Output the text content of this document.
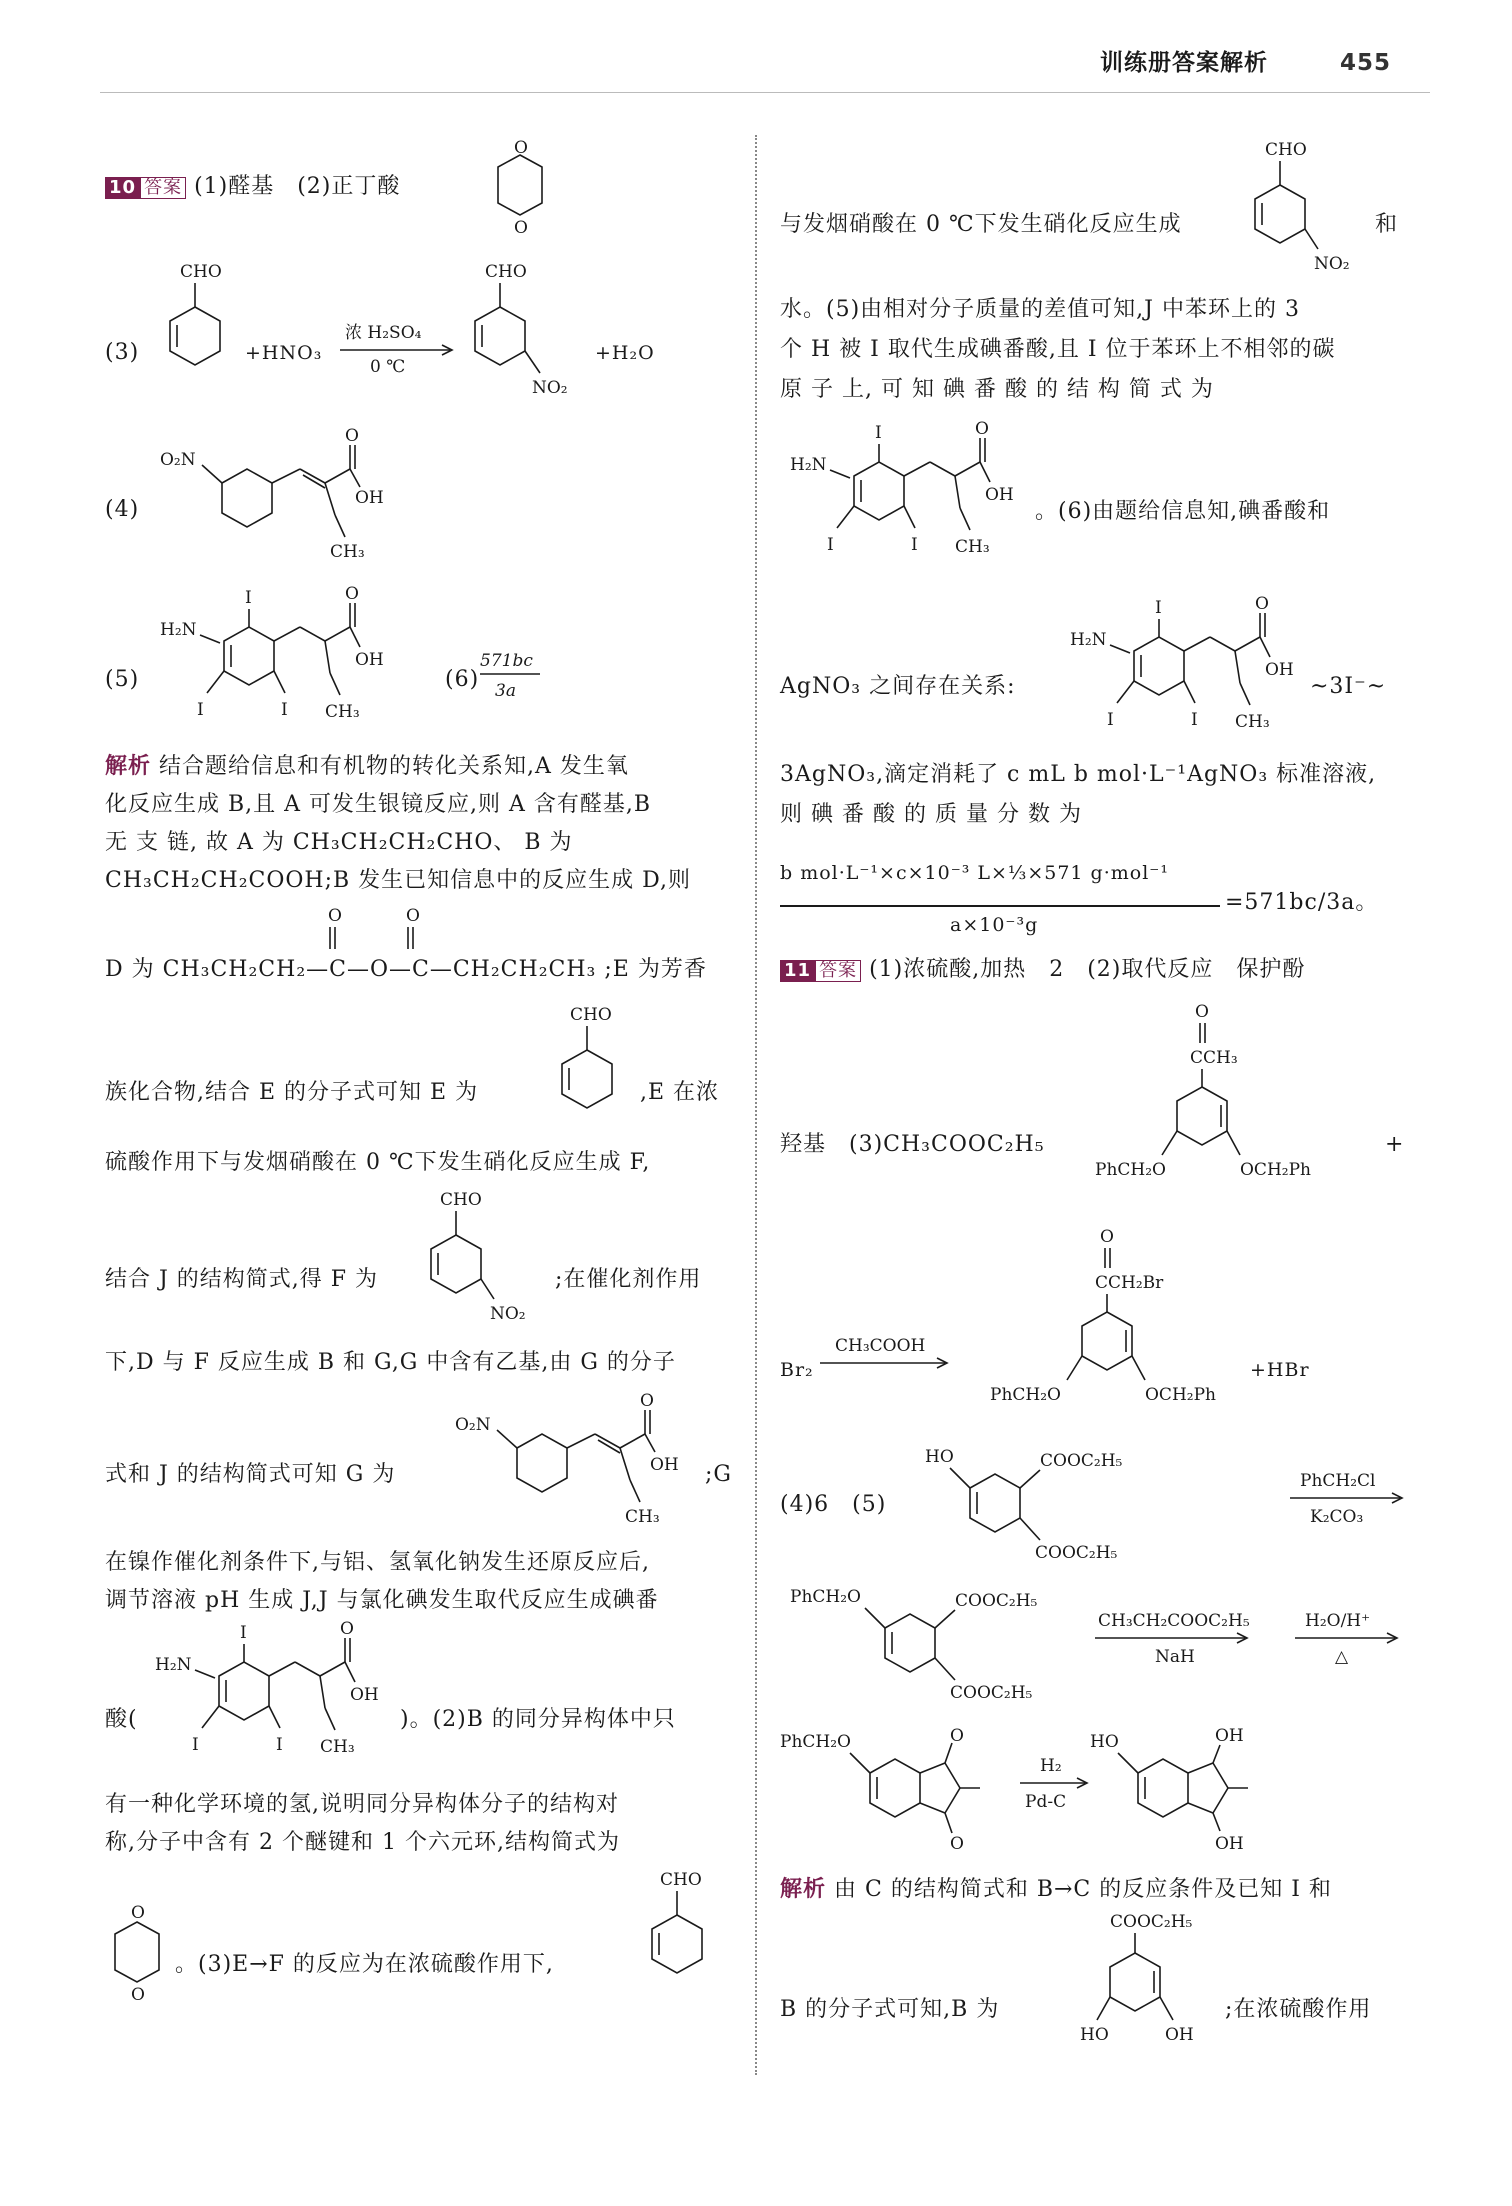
训练册答案解析	455
10 答案 (1)醛基　(2)正丁酸
O
O
(3)
CHO
+HNO₃
浓 H₂SO₄
0 ℃
CHO
NO₂
+H₂O
(4)
O₂N
O
OH
CH₃
(5)
I
H₂N
I	I
O
OH
CH₃
(6)
571bc
3a
解析 结合题给信息和有机物的转化关系知,A 发生氧
化反应生成 B,且 A 可发生银镜反应,则 A 含有醛基,B
无 支 链, 故 A 为 CH₃CH₂CH₂CHO、 B 为
CH₃CH₂CH₂COOH;B 发生已知信息中的反应生成 D,则
O	O
D 为 CH₃CH₂CH₂—C—O—C—CH₂CH₂CH₃ ;E 为芳香
CHO
族化合物,结合 E 的分子式可知 E 为	,E 在浓
硫酸作用下与发烟硝酸在 0 ℃下发生硝化反应生成 F,
CHO
NO₂
结合 J 的结构简式,得 F 为	;在催化剂作用
下,D 与 F 反应生成 B 和 G,G 中含有乙基,由 G 的分子
O₂N
O
OH
CH₃
式和 J 的结构简式可知 G 为	;G
在镍作催化剂条件下,与铝、氢氧化钠发生还原反应后,
调节溶液 pH 生成 J,J 与氯化碘发生取代反应生成碘番
I
H₂N
I	I
O
OH
CH₃
酸(	)。(2)B 的同分异构体中只
有一种化学环境的氢,说明同分异构体分子的结构对
称,分子中含有 2 个醚键和 1 个六元环,结构简式为
O
O
CHO
。(3)E→F 的反应为在浓硫酸作用下,
CHO
NO₂
与发烟硝酸在 0 ℃下发生硝化反应生成	和
水。(5)由相对分子质量的差值可知,J 中苯环上的 3
个 H 被 I 取代生成碘番酸,且 I 位于苯环上不相邻的碳
原 子 上, 可 知 碘 番 酸 的 结 构 简 式 为
I
H₂N
I	I
O
OH
CH₃
。(6)由题给信息知,碘番酸和
I
H₂N
I	I
O
OH
CH₃
AgNO₃ 之间存在关系:	~3I⁻~
3AgNO₃,滴定消耗了 c mL b mol·L⁻¹AgNO₃ 标准溶液,
则 碘 番 酸 的 质 量 分 数 为
b mol·L⁻¹×c×10⁻³ L×⅓×571 g·mol⁻¹
a×10⁻³g
=571bc/3a。
11 答案 (1)浓硫酸,加热　2　(2)取代反应　保护酚
O
CCH₃
PhCH₂O	OCH₂Ph
羟基　(3)CH₃COOC₂H₅	+
Br₂
CH₃COOH
O
CCH₂Br
PhCH₂O	OCH₂Ph
+HBr
(4)6　(5)
HO	COOC₂H₅
COOC₂H₅
PhCH₂Cl
K₂CO₃
PhCH₂O	COOC₂H₅
COOC₂H₅
CH₃CH₂COOC₂H₅
NaH
H₂O/H⁺
△
PhCH₂O	O
O
H₂
Pd-C
HO	OH
OH
解析 由 C 的结构简式和 B→C 的反应条件及已知 Ⅰ 和
COOC₂H₅
HO	OH
B 的分子式可知,B 为	;在浓硫酸作用
